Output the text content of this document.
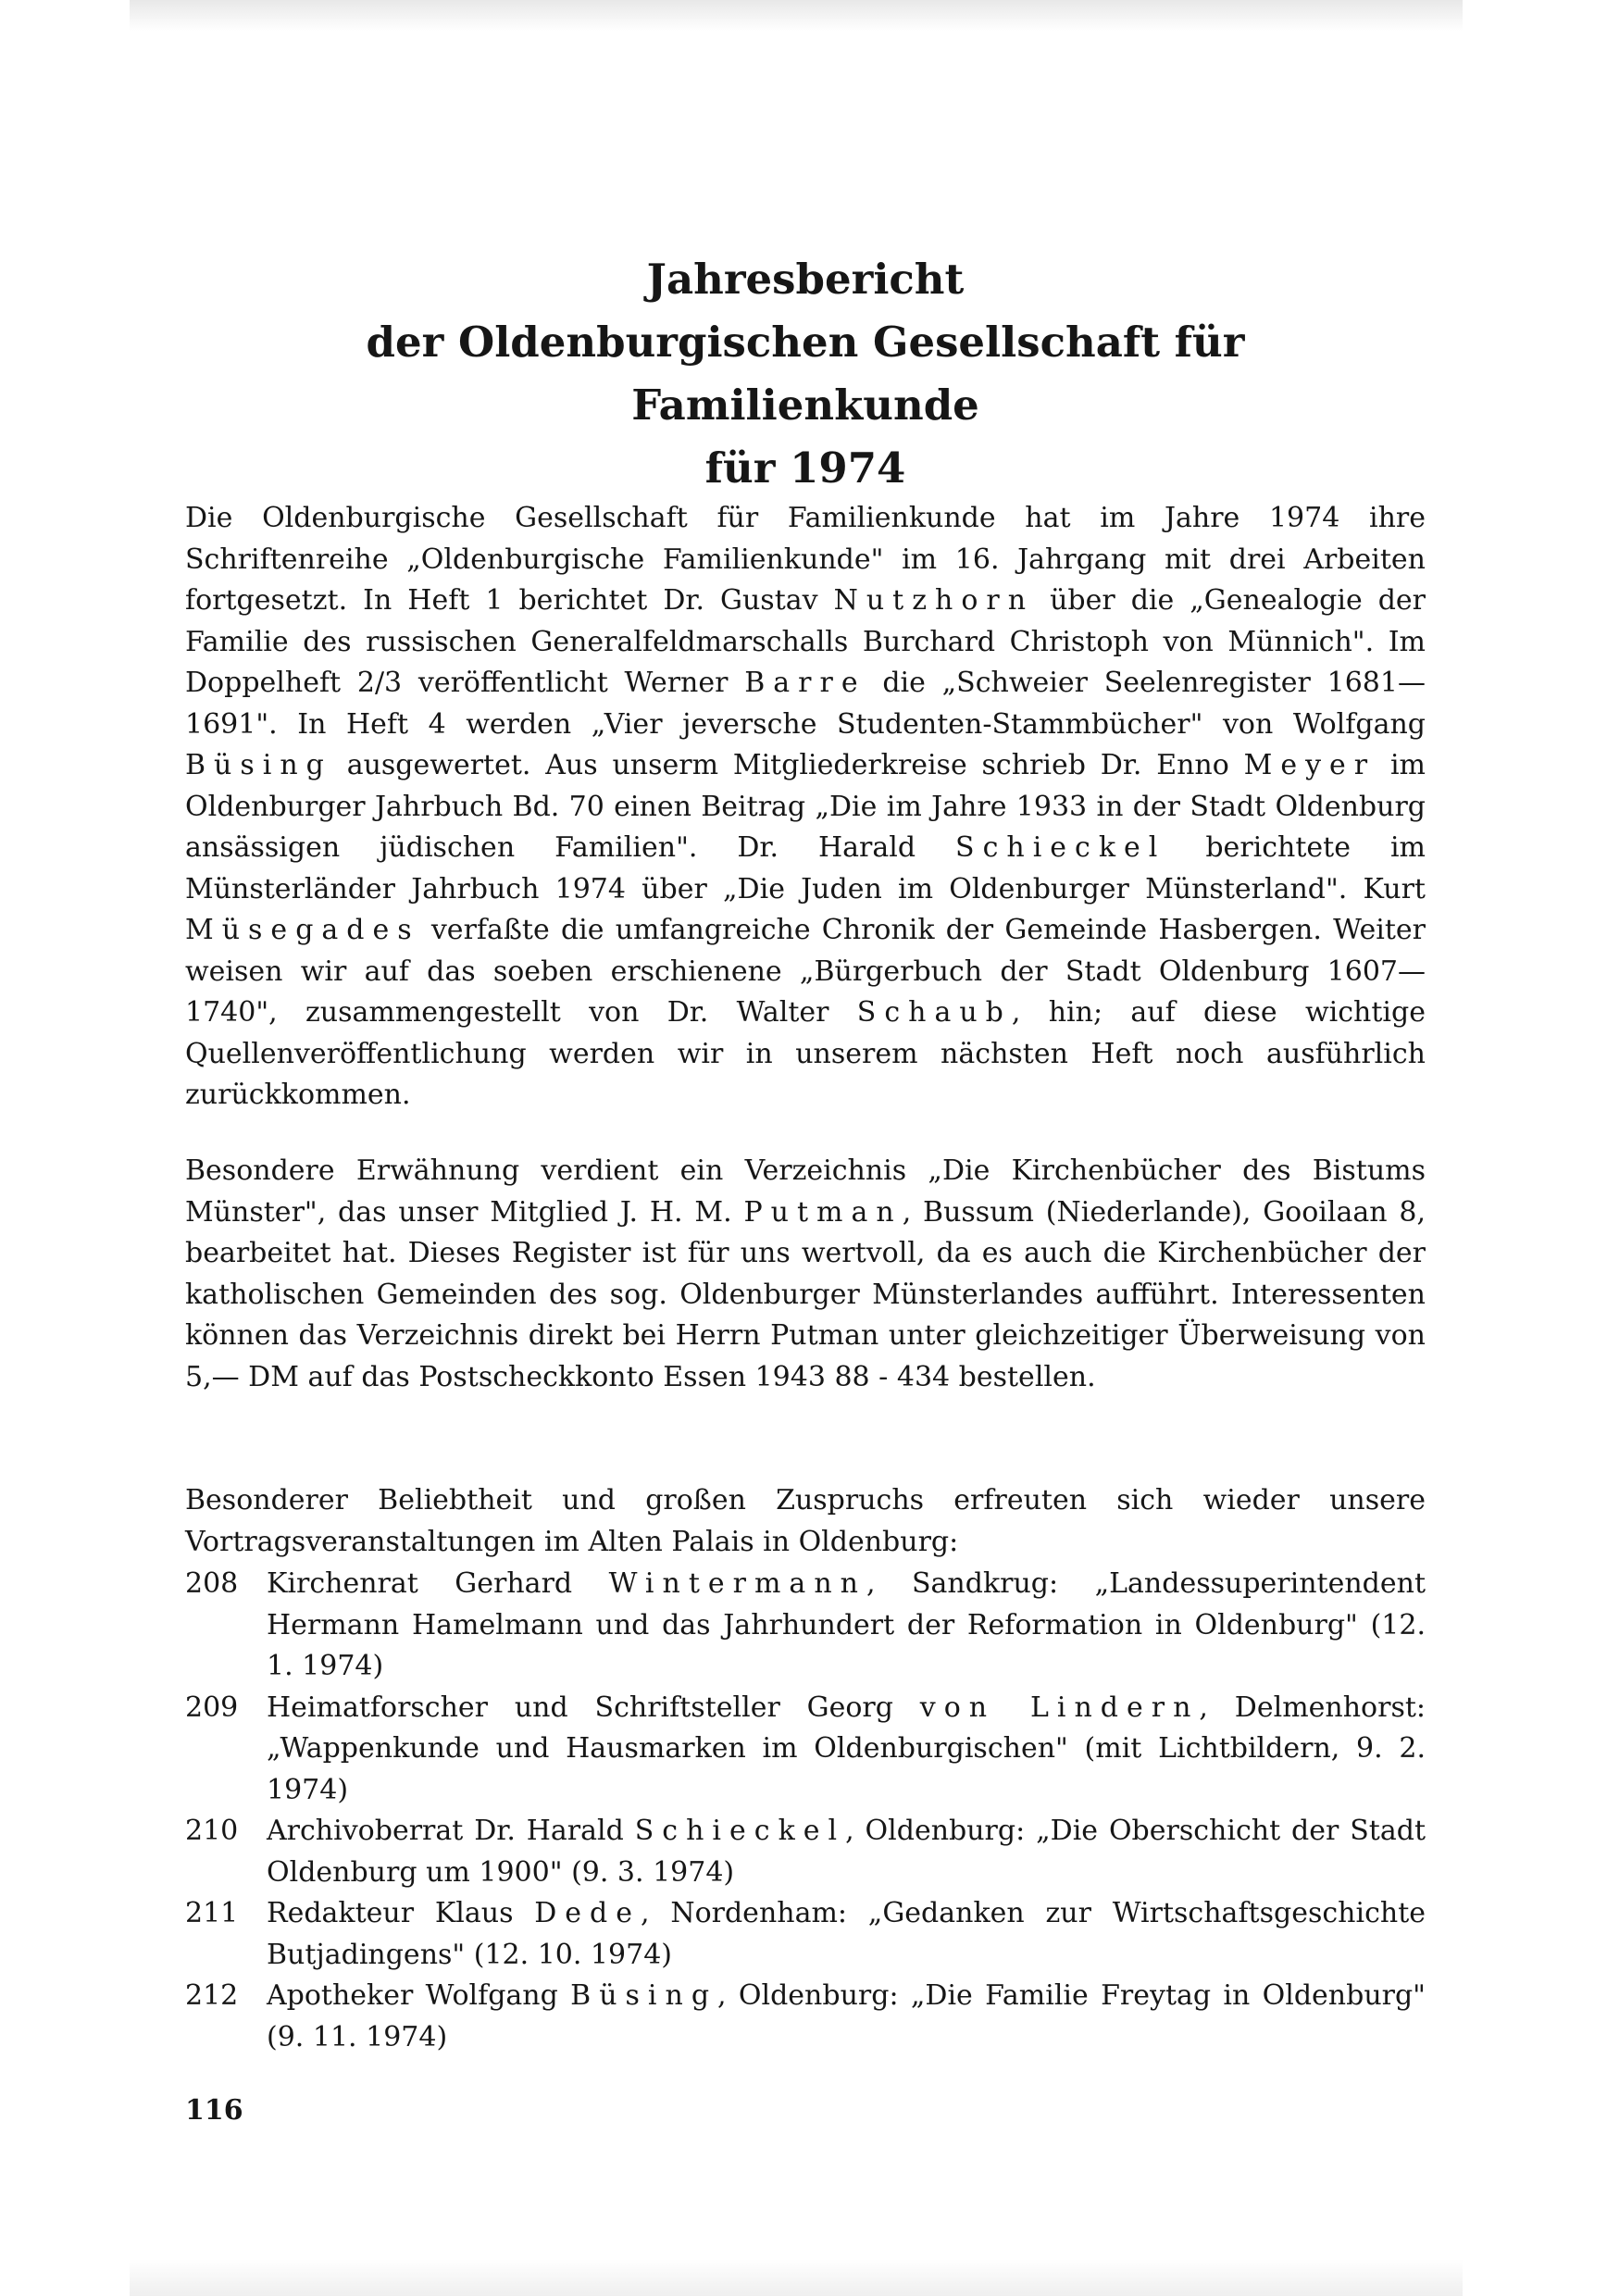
Jahresbericht
der Oldenburgischen Gesellschaft für Familienkunde
für 1974

Die Oldenburgische Gesellschaft für Familienkunde hat im Jahre 1974 ihre Schriftenreihe „Oldenburgische Familienkunde" im 16. Jahrgang mit drei Arbeiten fortgesetzt. In Heft 1 berichtet Dr. Gustav Nutzhorn über die „Genealogie der Familie des russischen Generalfeldmarschalls Burchard Christoph von Münnich". Im Doppelheft 2/3 veröffentlicht Werner Barre die „Schweier Seelenregister 1681—1691". In Heft 4 werden „Vier jeversche Studenten-Stammbücher" von Wolfgang Büsing ausgewertet. Aus unserm Mitgliederkreise schrieb Dr. Enno Meyer im Oldenburger Jahrbuch Bd. 70 einen Beitrag „Die im Jahre 1933 in der Stadt Oldenburg ansässigen jüdischen Familien". Dr. Harald Schieckel berichtete im Münsterländer Jahrbuch 1974 über „Die Juden im Oldenburger Münsterland". Kurt Müsegades verfaßte die umfangreiche Chronik der Gemeinde Hasbergen. Weiter weisen wir auf das soeben erschienene „Bürgerbuch der Stadt Oldenburg 1607—1740", zusammengestellt von Dr. Walter Schaub, hin; auf diese wichtige Quellenveröffentlichung werden wir in unserem nächsten Heft noch ausführlich zurückkommen.

Besondere Erwähnung verdient ein Verzeichnis „Die Kirchenbücher des Bistums Münster", das unser Mitglied J. H. M. Putman, Bussum (Niederlande), Gooilaan 8, bearbeitet hat. Dieses Register ist für uns wertvoll, da es auch die Kirchenbücher der katholischen Gemeinden des sog. Oldenburger Münsterlandes aufführt. Interessenten können das Verzeichnis direkt bei Herrn Putman unter gleichzeitiger Überweisung von 5,— DM auf das Postscheckkonto Essen 1943 88 - 434 bestellen.

Besonderer Beliebtheit und großen Zuspruchs erfreuten sich wieder unsere Vortragsveranstaltungen im Alten Palais in Oldenburg:

208	Kirchenrat Gerhard Wintermann, Sandkrug: „Landessuperintendent Hermann Hamelmann und das Jahrhundert der Reformation in Oldenburg" (12. 1. 1974)
209	Heimatforscher und Schriftsteller Georg von Lindern, Delmenhorst: „Wappenkunde und Hausmarken im Oldenburgischen" (mit Lichtbildern, 9. 2. 1974)
210	Archivoberrat Dr. Harald Schieckel, Oldenburg: „Die Oberschicht der Stadt Oldenburg um 1900" (9. 3. 1974)
211	Redakteur Klaus Dede, Nordenham: „Gedanken zur Wirtschaftsgeschichte Butjadingens" (12. 10. 1974)
212	Apotheker Wolfgang Büsing, Oldenburg: „Die Familie Freytag in Oldenburg" (9. 11. 1974)
116
